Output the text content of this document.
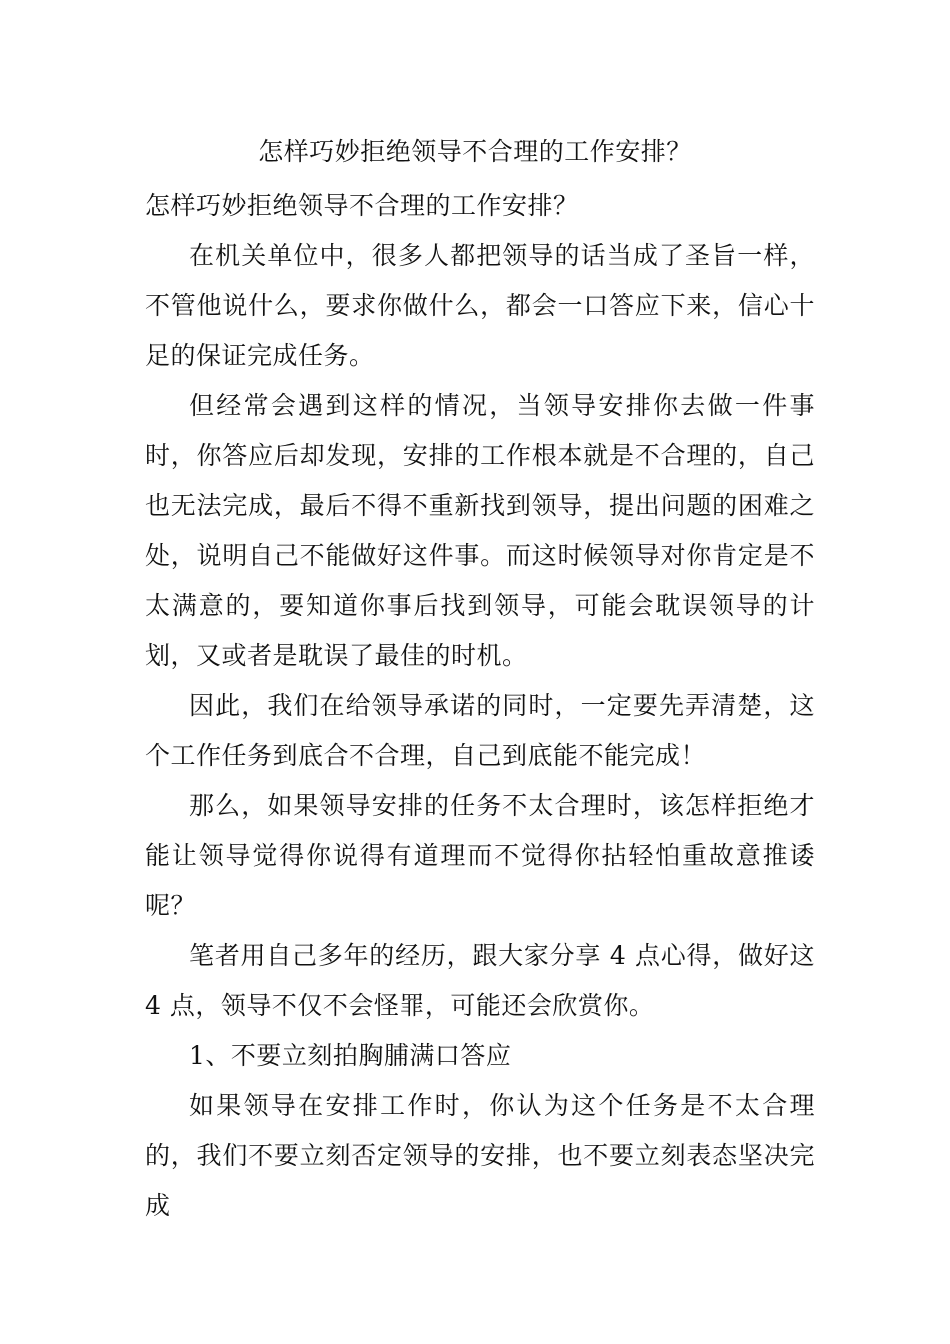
怎样巧妙拒绝领导不合理的工作安排？

怎样巧妙拒绝领导不合理的工作安排？

在机关单位中，很多人都把领导的话当成了圣旨一样，不管他说什么，要求你做什么，都会一口答应下来，信心十足的保证完成任务。

但经常会遇到这样的情况，当领导安排你去做一件事时，你答应后却发现，安排的工作根本就是不合理的，自己也无法完成，最后不得不重新找到领导，提出问题的困难之处，说明自己不能做好这件事。而这时候领导对你肯定是不太满意的，要知道你事后找到领导，可能会耽误领导的计划，又或者是耽误了最佳的时机。

因此，我们在给领导承诺的同时，一定要先弄清楚，这个工作任务到底合不合理，自己到底能不能完成！

那么，如果领导安排的任务不太合理时，该怎样拒绝才能让领导觉得你说得有道理而不觉得你拈轻怕重故意推诿呢？

笔者用自己多年的经历，跟大家分享 4 点心得，做好这 4 点，领导不仅不会怪罪，可能还会欣赏你。

1、不要立刻拍胸脯满口答应

如果领导在安排工作时，你认为这个任务是不太合理的，我们不要立刻否定领导的安排，也不要立刻表态坚决完成
